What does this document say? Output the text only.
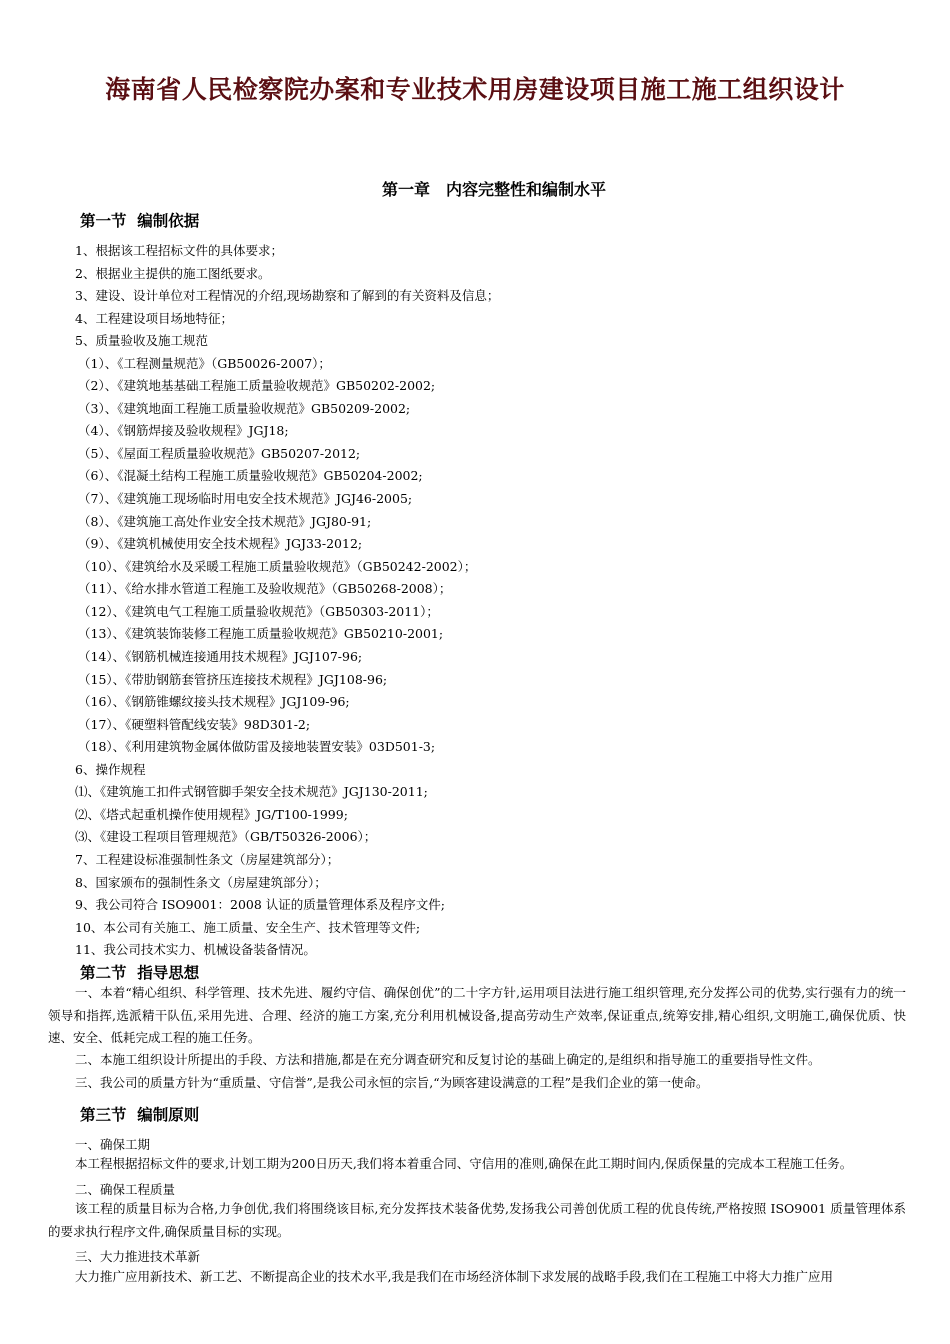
海南省人民检察院办案和专业技术用房建设项目施工施工组织设计
第一章　内容完整性和编制水平
第一节  编制依据

1、根据该工程招标文件的具体要求；

2、根据业主提供的施工图纸要求。

3、建设、设计单位对工程情况的介绍,现场勘察和了解到的有关资料及信息；

4、工程建设项目场地特征；

5、质量验收及施工规范

（1）、《工程测量规范》（GB50026-2007）；

（2）、《建筑地基基础工程施工质量验收规范》GB50202-2002;

（3）、《建筑地面工程施工质量验收规范》GB50209-2002;

（4）、《钢筋焊接及验收规程》JGJ18;

（5）、《屋面工程质量验收规范》GB50207-2012;

（6）、《混凝土结构工程施工质量验收规范》GB50204-2002;

（7）、《建筑施工现场临时用电安全技术规范》JGJ46-2005;

（8）、《建筑施工高处作业安全技术规范》JGJ80-91;

（9）、《建筑机械使用安全技术规程》JGJ33-2012;

（10）、《建筑给水及采暖工程施工质量验收规范》（GB50242-2002）；

（11）、《给水排水管道工程施工及验收规范》（GB50268-2008）；

（12）、《建筑电气工程施工质量验收规范》（GB50303-2011）；

（13）、《建筑装饰装修工程施工质量验收规范》GB50210-2001;

（14）、《钢筋机械连接通用技术规程》JGJ107-96;

（15）、《带肋钢筋套管挤压连接技术规程》JGJ108-96;

（16）、《钢筋锥螺纹接头技术规程》JGJ109-96;

（17）、《硬塑料管配线安装》98D301-2;

（18）、《利用建筑物金属体做防雷及接地装置安装》03D501-3;

6、操作规程

⑴、《建筑施工扣件式钢管脚手架安全技术规范》JGJ130-2011;

⑵、《塔式起重机操作使用规程》JG/T100-1999;

⑶、《建设工程项目管理规范》（GB/T50326-2006）；

7、工程建设标准强制性条文（房屋建筑部分）；

8、国家颁布的强制性条文（房屋建筑部分）；

9、我公司符合 ISO9001：2008 认证的质量管理体系及程序文件;

10、本公司有关施工、施工质量、安全生产、技术管理等文件;

11、我公司技术实力、机械设备装备情况。

第二节  指导思想

一、本着“精心组织、科学管理、技术先进、履约守信、确保创优”的二十字方针,运用项目法进行施工组织管理,充分发挥公司的优势,实行强有力的统一领导和指挥,选派精干队伍,采用先进、合理、经济的施工方案,充分利用机械设备,提高劳动生产效率,保证重点,统筹安排,精心组织,文明施工,确保优质、快速、安全、低耗完成工程的施工任务。

二、本施工组织设计所提出的手段、方法和措施,都是在充分调查研究和反复讨论的基础上确定的,是组织和指导施工的重要指导性文件。

三、我公司的质量方针为“重质量、守信誉”,是我公司永恒的宗旨,“为顾客建设满意的工程”是我们企业的第一使命。

第三节  编制原则

一、确保工期

本工程根据招标文件的要求,计划工期为200日历天,我们将本着重合同、守信用的准则,确保在此工期时间内,保质保量的完成本工程施工任务。

二、确保工程质量

该工程的质量目标为合格,力争创优,我们将围绕该目标,充分发挥技术装备优势,发扬我公司善创优质工程的优良传统,严格按照 ISO9001 质量管理体系的要求执行程序文件,确保质量目标的实现。

三、大力推进技术革新

大力推广应用新技术、新工艺、不断提高企业的技术水平,我是我们在市场经济体制下求发展的战略手段,我们在工程施工中将大力推广应用
